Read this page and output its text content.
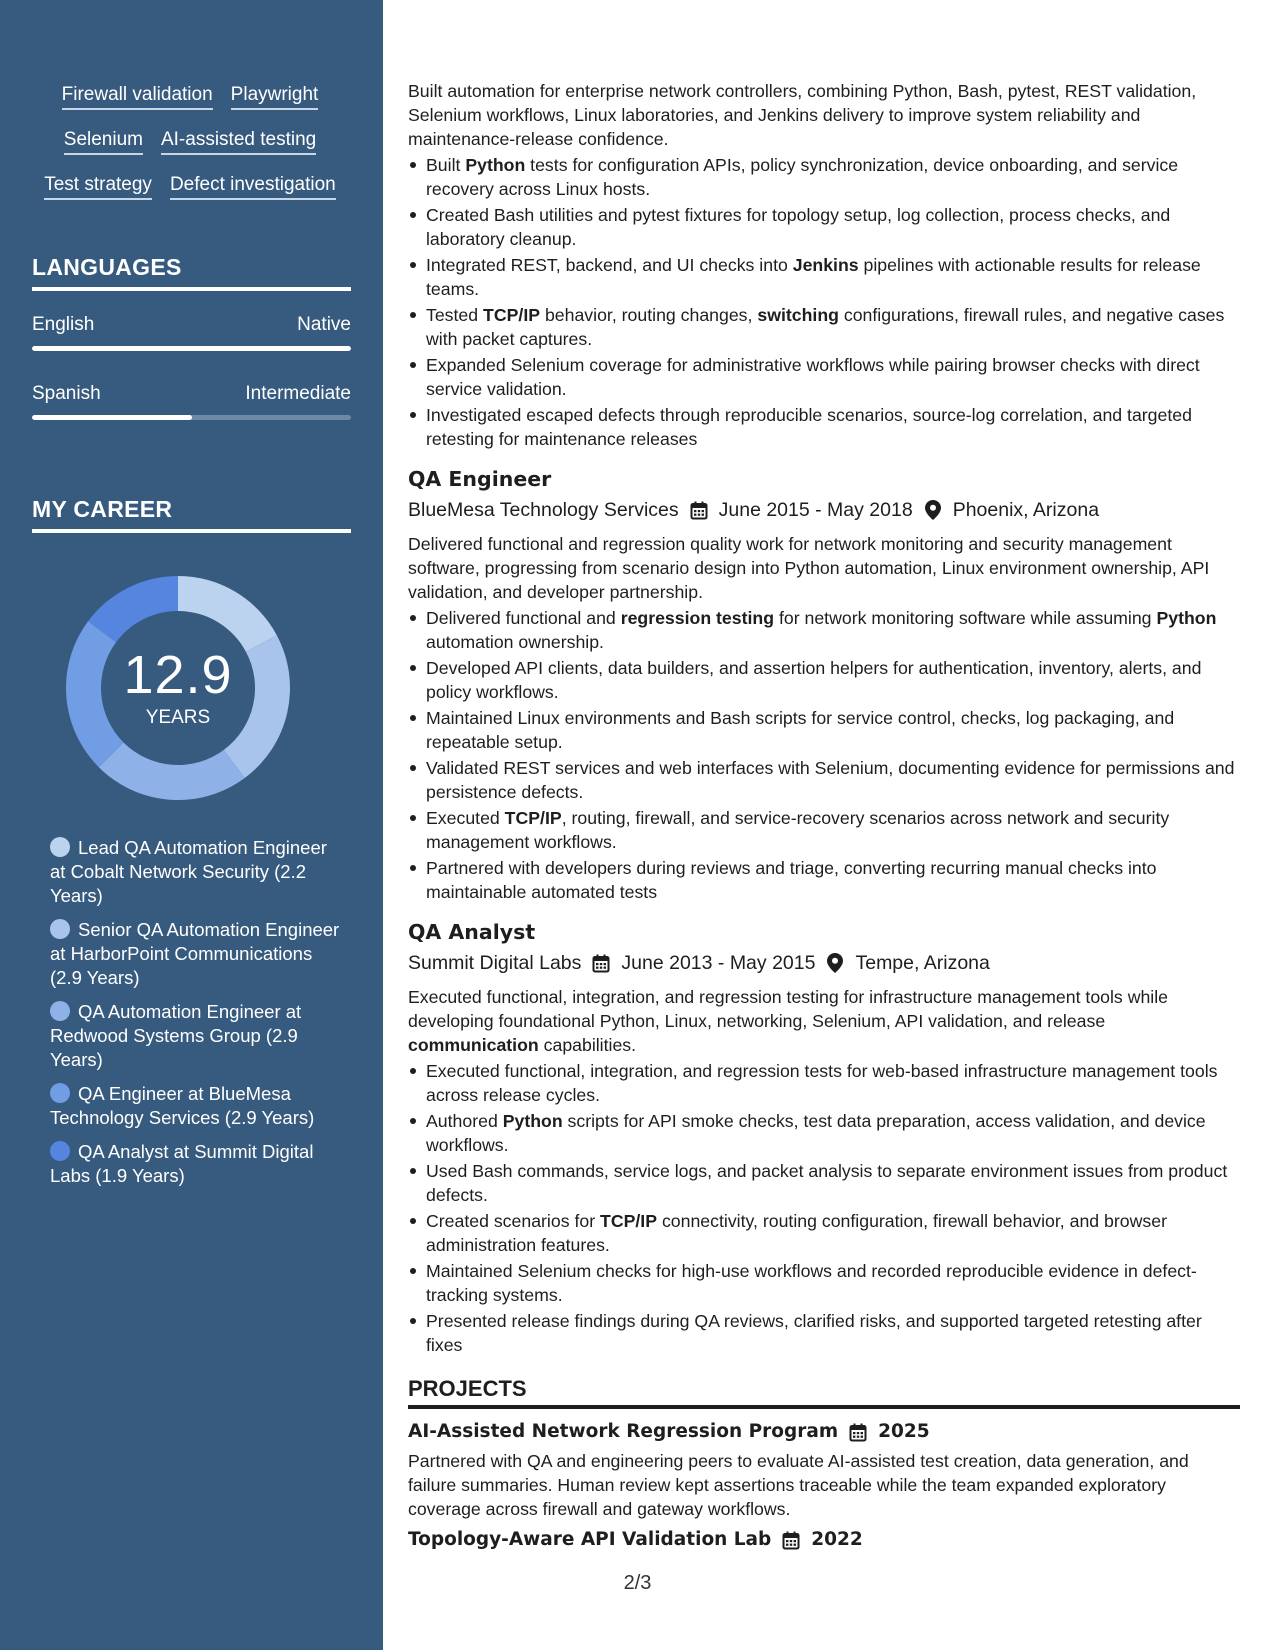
Firewall validation Playwright
Selenium AI-assisted testing
Test strategy Defect investigation
LANGUAGES
English	Native
Spanish	Intermediate
MY CAREER
12.9
YEARS
Lead QA Automation Engineer at Cobalt Network Security (2.2 Years)
Senior QA Automation Engineer at HarborPoint Communications (2.9 Years)
QA Automation Engineer at Redwood Systems Group (2.9 Years)
QA Engineer at BlueMesa Technology Services (2.9 Years)
QA Analyst at Summit Digital Labs (1.9 Years)
Built automation for enterprise network controllers, combining Python, Bash, pytest, REST validation, Selenium workflows, Linux laboratories, and Jenkins delivery to improve system reliability and maintenance-release confidence.
Built Python tests for configuration APIs, policy synchronization, device onboarding, and service recovery across Linux hosts.
Created Bash utilities and pytest fixtures for topology setup, log collection, process checks, and laboratory cleanup.
Integrated REST, backend, and UI checks into Jenkins pipelines with actionable results for release teams.
Tested TCP/IP behavior, routing changes, switching configurations, firewall rules, and negative cases with packet captures.
Expanded Selenium coverage for administrative workflows while pairing browser checks with direct service validation.
Investigated escaped defects through reproducible scenarios, source-log correlation, and targeted retesting for maintenance releases
QA Engineer
BlueMesa Technology Services June 2015 - May 2018 Phoenix, Arizona
Delivered functional and regression quality work for network monitoring and security management software, progressing from scenario design into Python automation, Linux environment ownership, API validation, and developer partnership.
Delivered functional and regression testing for network monitoring software while assuming Python automation ownership.
Developed API clients, data builders, and assertion helpers for authentication, inventory, alerts, and policy workflows.
Maintained Linux environments and Bash scripts for service control, checks, log packaging, and repeatable setup.
Validated REST services and web interfaces with Selenium, documenting evidence for permissions and persistence defects.
Executed TCP/IP, routing, firewall, and service-recovery scenarios across network and security management workflows.
Partnered with developers during reviews and triage, converting recurring manual checks into maintainable automated tests
QA Analyst
Summit Digital Labs June 2013 - May 2015 Tempe, Arizona
Executed functional, integration, and regression testing for infrastructure management tools while developing foundational Python, Linux, networking, Selenium, API validation, and release communication capabilities.
Executed functional, integration, and regression tests for web-based infrastructure management tools across release cycles.
Authored Python scripts for API smoke checks, test data preparation, access validation, and device workflows.
Used Bash commands, service logs, and packet analysis to separate environment issues from product defects.
Created scenarios for TCP/IP connectivity, routing configuration, firewall behavior, and browser administration features.
Maintained Selenium checks for high-use workflows and recorded reproducible evidence in defect-tracking systems.
Presented release findings during QA reviews, clarified risks, and supported targeted retesting after fixes
PROJECTS
AI-Assisted Network Regression Program 2025
Partnered with QA and engineering peers to evaluate AI-assisted test creation, data generation, and failure summaries. Human review kept assertions traceable while the team expanded exploratory coverage across firewall and gateway workflows.
Topology-Aware API Validation Lab 2022
2/3
